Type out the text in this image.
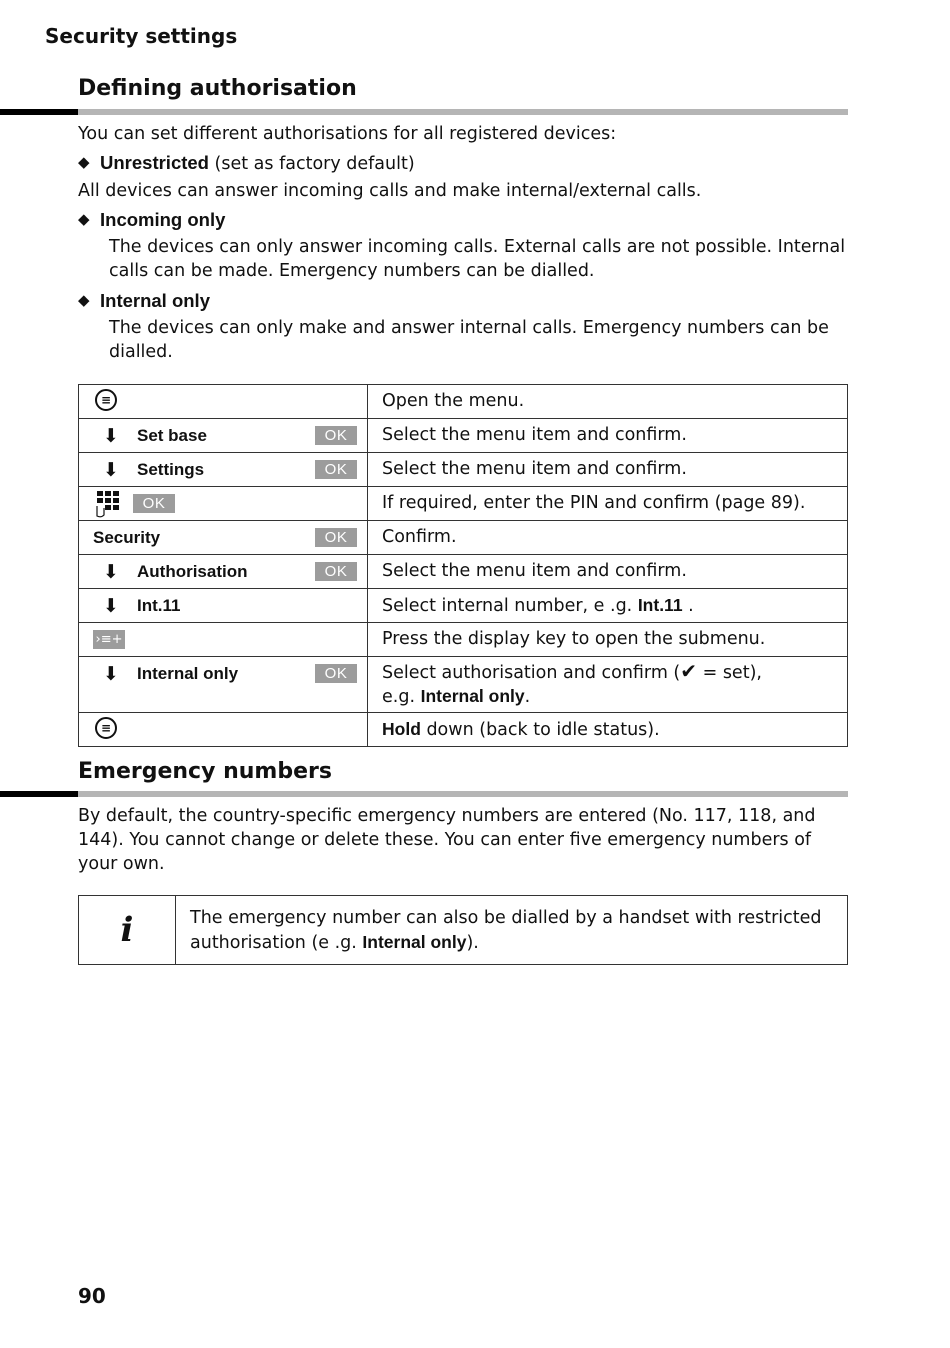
Security settings
Defining authorisation

You can set different authorisations for all registered devices:

◆ Unrestricted (set as factory default)

All devices can answer incoming calls and make internal/external calls.

◆ Incoming only

The devices can only answer incoming calls. External calls are not possible. Internal calls can be made. Emergency numbers can be dialled.

◆ Internal only

The devices can only make and answer internal calls. Emergency numbers can be dialled.

≡	Open the menu.

⬇ Set base OK	Select the menu item and confirm.

⬇ Settings OK	Select the menu item and confirm.

OK	If required, enter the PIN and confirm (page 89).

Security OK	Confirm.

⬇ Authorisation OK	Select the menu item and confirm.

⬇ Int.11	Select internal number, e .g. Int.11 .

›≡+	Press the display key to open the submenu.

⬇ Internal only OK	Select authorisation and confirm (✔ = set),
e.g. Internal only.

≡	Hold down (back to idle status).
Emergency numbers

By default, the country-specific emergency numbers are entered (No. 117, 118, and 144). You cannot change or delete these. You can enter five emergency numbers of your own.

i	The emergency number can also be dialled by a handset with restricted authorisation (e .g. Internal only).
90
